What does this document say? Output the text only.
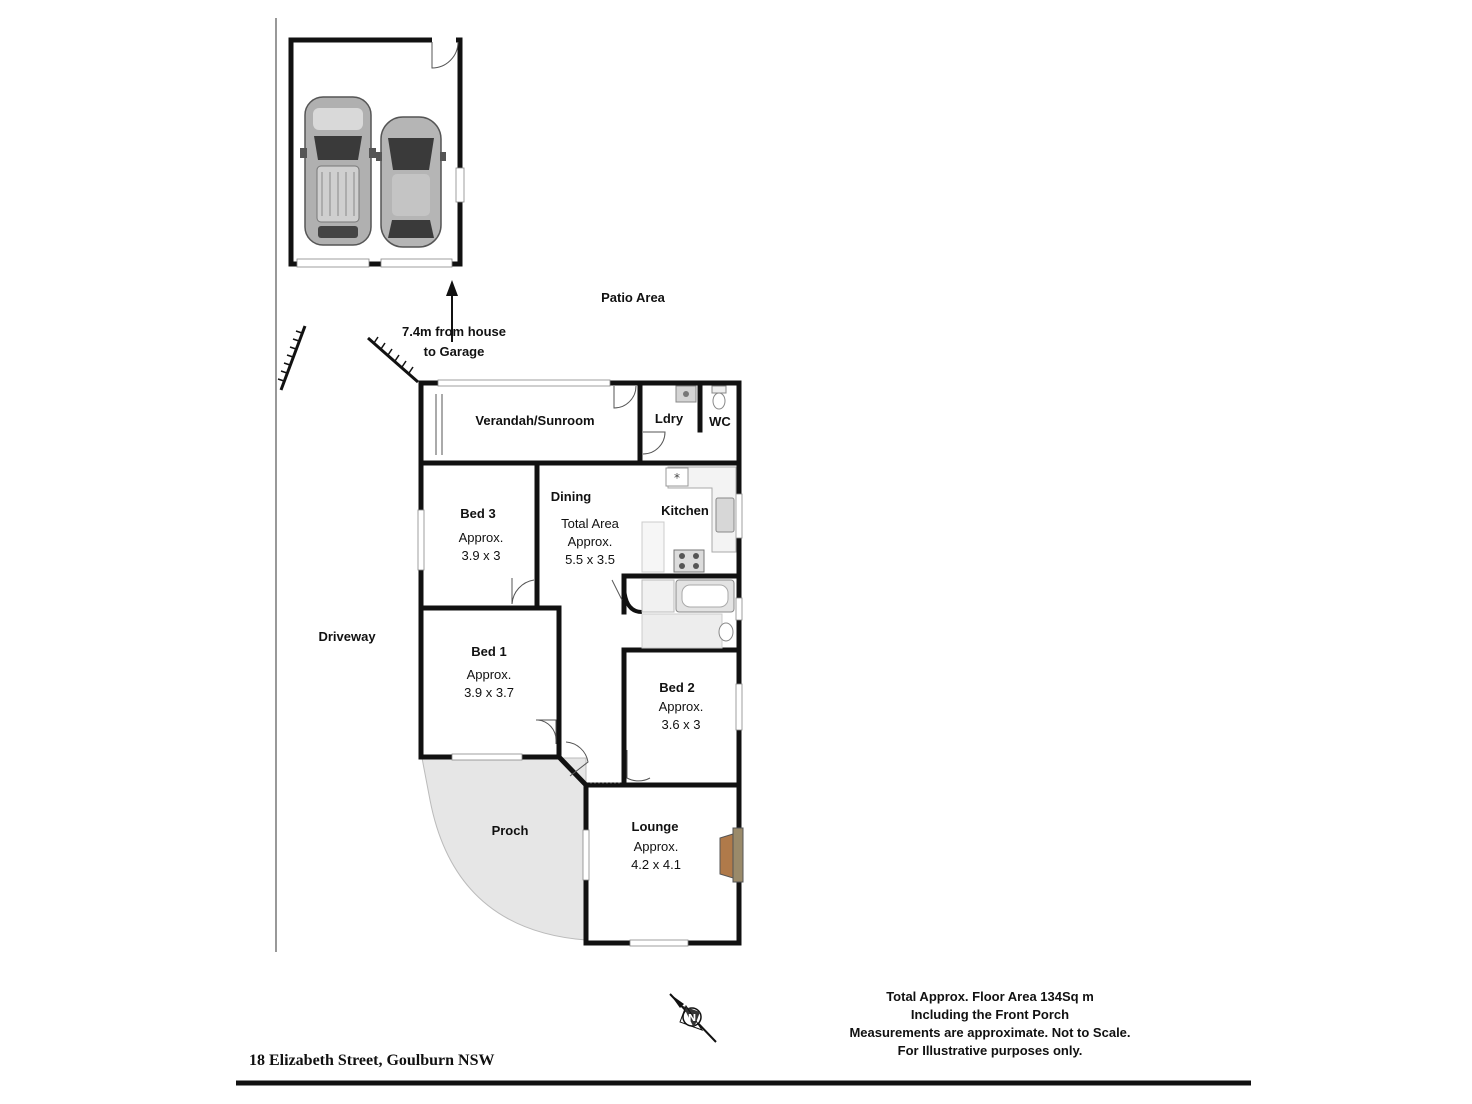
*
N
Patio Area
7.4m from house
to Garage
Driveway
Proch
Verandah/Sunroom	Ldry WC
Dining
Total Area
Approx.
5.5 x 3.5
Kitchen
Bed 3
Approx.
3.9 x 3
Bed 1
Approx.
3.9 x 3.7	Bed 2
Approx.
3.6 x 3
Lounge
Approx.
4.2 x 4.1
Total Approx. Floor Area 134Sq m
Including the Front Porch
Measurements are approximate. Not to Scale.
For Illustrative purposes only.
18 Elizabeth Street, Goulburn NSW
